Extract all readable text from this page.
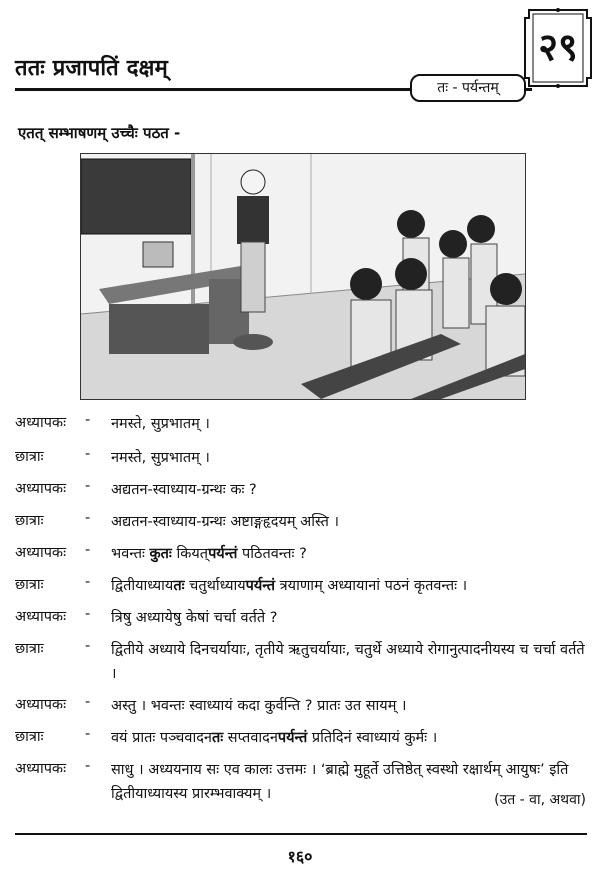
ततः प्रजापतिं दक्षम्
तः - पर्यन्तम्
२९
एतत् सम्भाषणम् उच्चैः पठत -
अध्यापकः	-	नमस्ते, सुप्रभातम् ।
छात्राः	-	नमस्ते, सुप्रभातम् ।
अध्यापकः	-	अद्यतन-स्वाध्याय-ग्रन्थः कः ?
छात्राः	-	अद्यतन-स्वाध्याय-ग्रन्थः अष्टाङ्गहृदयम् अस्ति ।
अध्यापकः	-	भवन्तः कुतः कियत्पर्यन्तं पठितवन्तः ?
छात्राः	-	द्वितीयाध्यायतः चतुर्थाध्यायपर्यन्तं त्रयाणाम् अध्यायानां पठनं कृतवन्तः ।
अध्यापकः	-	त्रिषु अध्यायेषु केषां चर्चा वर्तते ?
छात्राः	-	द्वितीये अध्याये दिनचर्यायाः, तृतीये ऋतुचर्यायाः, चतुर्थे अध्याये रोगानुत्पादनीयस्य च चर्चा वर्तते ।
अध्यापकः	-	अस्तु । भवन्तः स्वाध्यायं कदा कुर्वन्ति ? प्रातः उत सायम् ।
छात्राः	-	वयं प्रातः पञ्चवादनतः सप्तवादनपर्यन्तं प्रतिदिनं स्वाध्यायं कुर्मः ।
अध्यापकः	-	साधु । अध्ययनाय सः एव कालः उत्तमः । ‘ब्राह्मे मुहूर्ते उत्तिष्ठेत् स्वस्थो रक्षार्थम् आयुषः’ इति द्वितीयाध्यायस्य प्रारम्भवाक्यम् ।	(उत - वा, अथवा)
१६०
